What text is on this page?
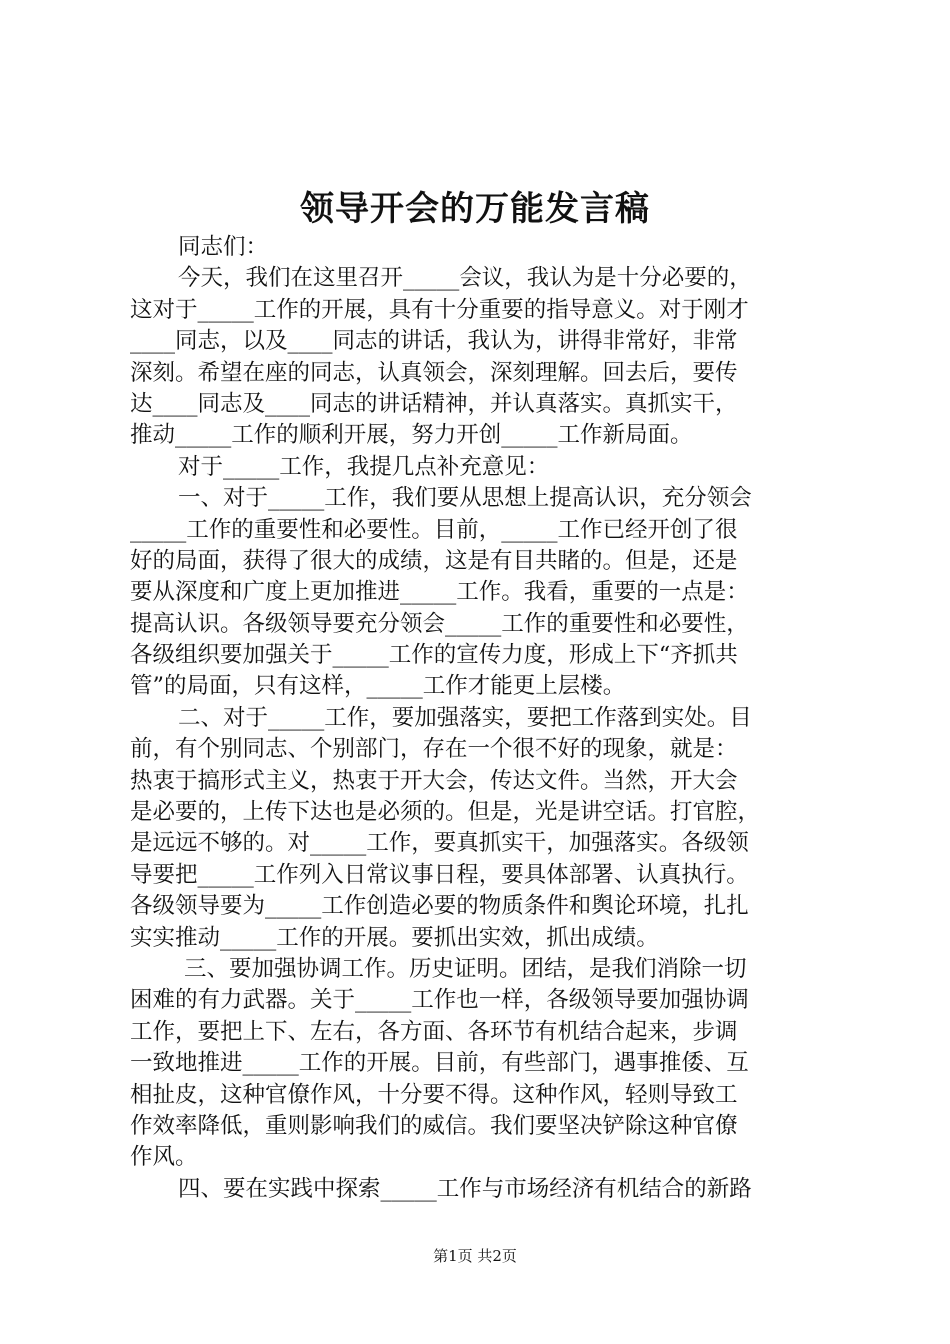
领导开会的万能发言稿
同志们：
今天，我们在这里召开_____会议，我认为是十分必要的，
这对于_____工作的开展，具有十分重要的指导意义。对于刚才
____同志，以及____同志的讲话，我认为，讲得非常好，非常
深刻。希望在座的同志，认真领会，深刻理解。回去后，要传
达____同志及____同志的讲话精神，并认真落实。真抓实干，
推动_____工作的顺利开展，努力开创_____工作新局面。
对于_____工作，我提几点补充意见：
一、对于_____工作，我们要从思想上提高认识，充分领会
_____工作的重要性和必要性。目前，_____工作已经开创了很
好的局面，获得了很大的成绩，这是有目共睹的。但是，还是
要从深度和广度上更加推进_____工作。我看，重要的一点是：
提高认识。各级领导要充分领会_____工作的重要性和必要性，
各级组织要加强关于_____工作的宣传力度，形成上下“齐抓共
管”的局面，只有这样，_____工作才能更上层楼。
二、对于_____工作，要加强落实，要把工作落到实处。目
前，有个别同志、个别部门，存在一个很不好的现象，就是：
热衷于搞形式主义，热衷于开大会，传达文件。当然，开大会
是必要的，上传下达也是必须的。但是，光是讲空话。打官腔，
是远远不够的。对_____工作，要真抓实干，加强落实。各级领
导要把_____工作列入日常议事日程，要具体部署、认真执行。
各级领导要为_____工作创造必要的物质条件和舆论环境，扎扎
实实推动_____工作的开展。要抓出实效，抓出成绩。
三、要加强协调工作。历史证明。团结，是我们消除一切
困难的有力武器。关于_____工作也一样，各级领导要加强协调
工作，要把上下、左右，各方面、各环节有机结合起来，步调
一致地推进_____工作的开展。目前，有些部门，遇事推倭、互
相扯皮，这种官僚作风，十分要不得。这种作风，轻则导致工
作效率降低，重则影响我们的威信。我们要坚决铲除这种官僚
作风。
四、要在实践中探索_____工作与市场经济有机结合的新路
第1页 共2页
